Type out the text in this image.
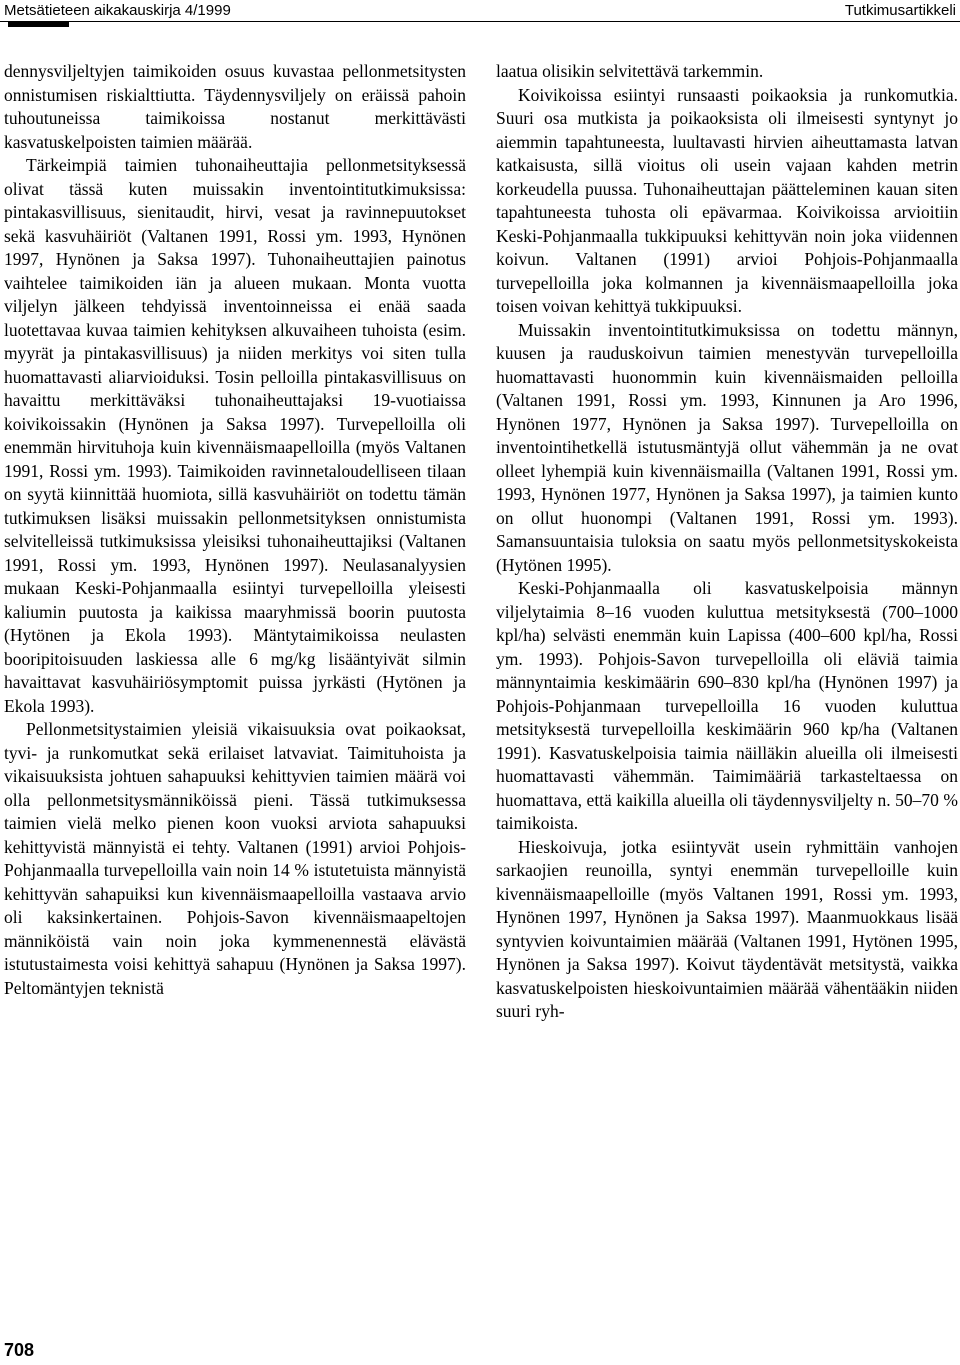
Metsätieteen aikakauskirja 4/1999	Tutkimusartikkeli

dennysviljeltyjen taimikoiden osuus kuvastaa pellonmetsitysten onnistumisen riskialttiutta. Täydennysviljely on eräissä pahoin tuhoutuneissa taimikoissa nostanut merkittävästi kasvatuskelpoisten taimien määrää.

Tärkeimpiä taimien tuhonaiheuttajia pellonmetsityksessä olivat tässä kuten muissakin inventointitutkimuksissa: pintakasvillisuus, sienitaudit, hirvi, vesat ja ravinnepuutokset sekä kasvuhäiriöt (Valtanen 1991, Rossi ym. 1993, Hynönen 1997, Hynönen ja Saksa 1997). Tuhonaiheuttajien painotus vaihtelee taimikoiden iän ja alueen mukaan. Monta vuotta viljelyn jälkeen tehdyissä inventoinneissa ei enää saada luotettavaa kuvaa taimien kehityksen alkuvaiheen tuhoista (esim. myyrät ja pintakasvillisuus) ja niiden merkitys voi siten tulla huomattavasti aliarvioiduksi. Tosin pelloilla pintakasvillisuus on havaittu merkittäväksi tuhonaiheuttajaksi 19-vuotiaissa koivikoissakin (Hynönen ja Saksa 1997). Turvepelloilla oli enemmän hirvituhoja kuin kivennäismaapelloilla (myös Valtanen 1991, Rossi ym. 1993). Taimikoiden ravinnetaloudelliseen tilaan on syytä kiinnittää huomiota, sillä kasvuhäiriöt on todettu tämän tutkimuksen lisäksi muissakin pellonmetsityksen onnistumista selvitelleissä tutkimuksissa yleisiksi tuhonaiheuttajiksi (Valtanen 1991, Rossi ym. 1993, Hynönen 1997). Neulasanalyysien mukaan Keski-Pohjanmaalla esiintyi turvepelloilla yleisesti kaliumin puutosta ja kaikissa maaryhmissä boorin puutosta (Hytönen ja Ekola 1993). Mäntytaimikoissa neulasten booripitoisuuden laskiessa alle 6 mg/kg lisääntyivät silmin havaittavat kasvuhäiriösymptomit puissa jyrkästi (Hytönen ja Ekola 1993).

Pellonmetsitystaimien yleisiä vikaisuuksia ovat poikaoksat, tyvi- ja runkomutkat sekä erilaiset latvaviat. Taimituhoista ja vikaisuuksista johtuen sahapuuksi kehittyvien taimien määrä voi olla pellonmetsitysmänniköissä pieni. Tässä tutkimuksessa taimien vielä melko pienen koon vuoksi arviota sahapuuksi kehittyvistä männyistä ei tehty. Valtanen (1991) arvioi Pohjois-Pohjanmaalla turvepelloilla vain noin 14 % istutetuista männyistä kehittyvän sahapuiksi kun kivennäismaapelloilla vastaava arvio oli kaksinkertainen. Pohjois-Savon kivennäismaapeltojen männiköistä vain noin joka kymmenennestä elävästä istutustaimesta voisi kehittyä sahapuu (Hynönen ja Saksa 1997). Peltomäntyjen teknistä

laatua olisikin selvitettävä tarkemmin.

Koivikoissa esiintyi runsaasti poikaoksia ja runkomutkia. Suuri osa mutkista ja poikaoksista oli ilmeisesti syntynyt jo aiemmin tapahtuneesta, luultavasti hirvien aiheuttamasta latvan katkaisusta, sillä vioitus oli usein vajaan kahden metrin korkeudella puussa. Tuhonaiheuttajan päätteleminen kauan siten tapahtuneesta tuhosta oli epävarmaa. Koivikoissa arvioitiin Keski-Pohjanmaalla tukkipuuksi kehittyvän noin joka viidennen koivun. Valtanen (1991) arvioi Pohjois-Pohjanmaalla turvepelloilla joka kolmannen ja kivennäismaapelloilla joka toisen voivan kehittyä tukkipuuksi.

Muissakin inventointitutkimuksissa on todettu männyn, kuusen ja rauduskoivun taimien menestyvän turvepelloilla huomattavasti huonommin kuin kivennäismaiden pelloilla (Valtanen 1991, Rossi ym. 1993, Kinnunen ja Aro 1996, Hynönen 1977, Hynönen ja Saksa 1997). Turvepelloilla on inventointihetkellä istutusmäntyjä ollut vähemmän ja ne ovat olleet lyhempiä kuin kivennäismailla (Valtanen 1991, Rossi ym. 1993, Hynönen 1977, Hynönen ja Saksa 1997), ja taimien kunto on ollut huonompi (Valtanen 1991, Rossi ym. 1993). Samansuuntaisia tuloksia on saatu myös pellonmetsityskokeista (Hytönen 1995).

Keski-Pohjanmaalla oli kasvatuskelpoisia männyn viljelytaimia 8–16 vuoden kuluttua metsityksestä (700–1000 kpl/ha) selvästi enemmän kuin Lapissa (400–600 kpl/ha, Rossi ym. 1993). Pohjois-Savon turvepelloilla oli eläviä taimia männyntaimia keskimäärin 690–830 kpl/ha (Hynönen 1997) ja Pohjois-Pohjanmaan turvepelloilla 16 vuoden kuluttua metsityksestä turvepelloilla keskimäärin 960 kp/ha (Valtanen 1991). Kasvatuskelpoisia taimia näilläkin alueilla oli ilmeisesti huomattavasti vähemmän. Taimimääriä tarkasteltaessa on huomattava, että kaikilla alueilla oli täydennysviljelty n. 50–70 % taimikoista.

Hieskoivuja, jotka esiintyvät usein ryhmittäin vanhojen sarkaojien reunoilla, syntyi enemmän turvepelloille kuin kivennäismaapelloille (myös Valtanen 1991, Rossi ym. 1993, Hynönen 1997, Hynönen ja Saksa 1997). Maanmuokkaus lisää syntyvien koivuntaimien määrää (Valtanen 1991, Hytönen 1995, Hynönen ja Saksa 1997). Koivut täydentävät metsitystä, vaikka kasvatuskelpoisten hieskoivuntaimien määrää vähentääkin niiden suuri ryh-

708
